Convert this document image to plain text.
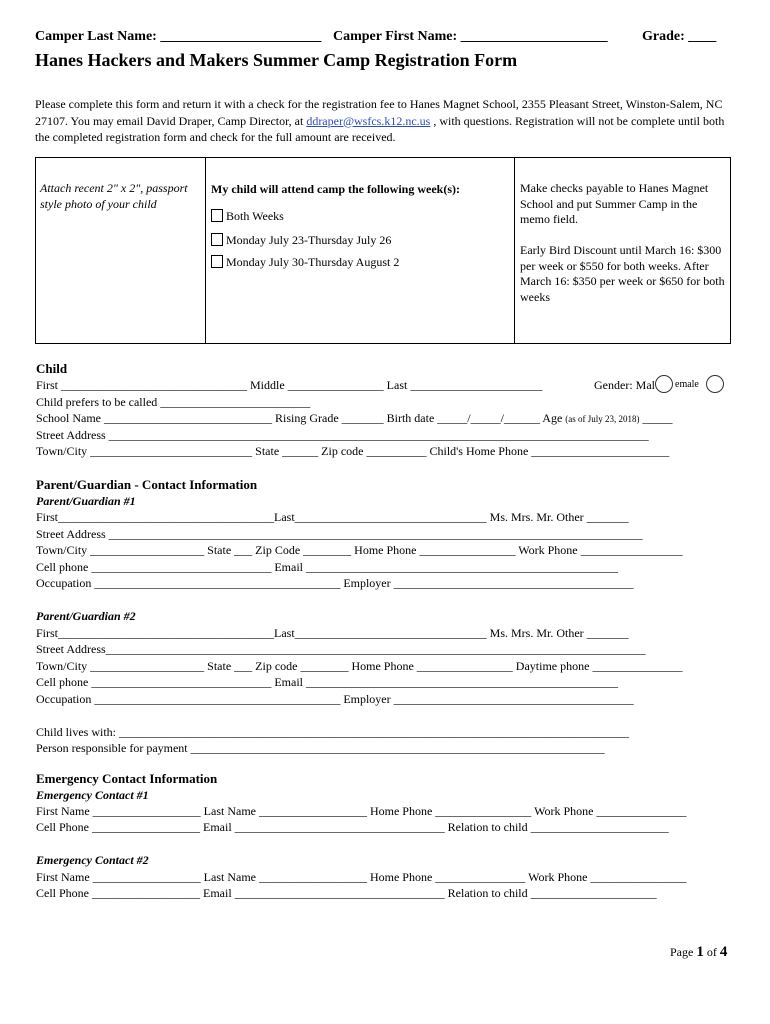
Camper Last Name: _______________________ Camper First Name: _____________________ Grade: ____
Hanes Hackers and Makers Summer Camp Registration Form
Please complete this form and return it with a check for the registration fee to Hanes Magnet School, 2355 Pleasant Street, Winston-Salem, NC 27107. You may email David Draper, Camp Director, at ddraper@wsfcs.k12.nc.us , with questions. Registration will not be complete until both the completed registration form and check for the full amount are received.
Attach recent 2" x 2", passport style photo of your child
My child will attend camp the following week(s):
Both Weeks
Monday July 23-Thursday July 26
Monday July 30-Thursday August 2
Make checks payable to Hanes Magnet School and put Summer Camp in the memo field.
Early Bird Discount until March 16: $300 per week or $550 for both weeks. After March 16: $350 per week or $650 for both weeks
Child
First _______________________________ Middle ________________ Last ______________________	Gender: Mal emale
Child prefers to be called _________________________
School Name ____________________________ Rising Grade _______ Birth date _____/_____/______ Age (as of July 23, 2018) _____
Street Address __________________________________________________________________________________________
Town/City ___________________________ State ______ Zip code __________ Child's Home Phone _______________________
Parent/Guardian - Contact Information
Parent/Guardian #1
First____________________________________Last________________________________ Ms. Mrs. Mr. Other _______
Street Address _________________________________________________________________________________________
Town/City ___________________ State ___ Zip Code ________ Home Phone ________________ Work Phone _________________
Cell phone ______________________________ Email ____________________________________________________
Occupation _________________________________________ Employer ________________________________________
Parent/Guardian #2
First____________________________________Last________________________________ Ms. Mrs. Mr. Other _______
Street Address__________________________________________________________________________________________
Town/City ___________________ State ___ Zip code ________ Home Phone ________________ Daytime phone _______________
Cell phone ______________________________ Email ____________________________________________________
Occupation _________________________________________ Employer ________________________________________
Child lives with: _____________________________________________________________________________________
Person responsible for payment _____________________________________________________________________
Emergency Contact Information
Emergency Contact #1
First Name __________________ Last Name __________________ Home Phone ________________ Work Phone _______________
Cell Phone __________________ Email ___________________________________ Relation to child _______________________
Emergency Contact #2
First Name __________________ Last Name __________________ Home Phone _______________ Work Phone ________________
Cell Phone __________________ Email ___________________________________ Relation to child _____________________
Page 1 of 4
